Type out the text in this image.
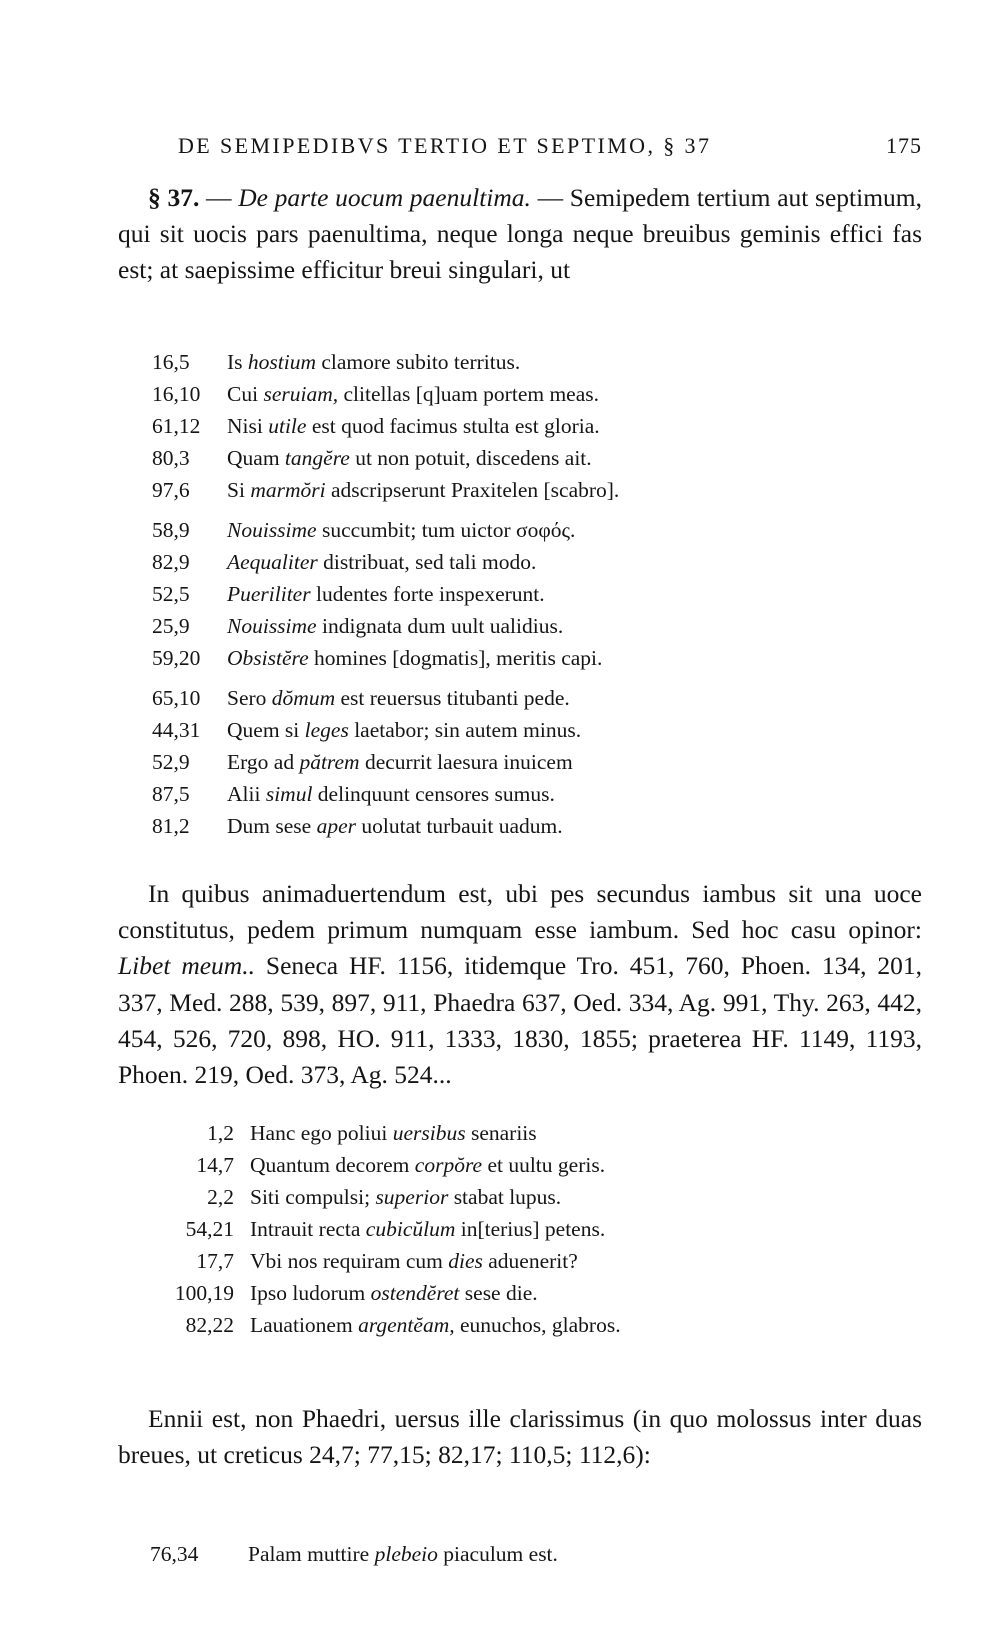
DE SEMIPEDIBVS TERTIO ET SEPTIMO, § 37	175
§ 37. — De parte uocum paenultima. — Semipedem tertium aut septimum, qui sit uocis pars paenultima, neque longa neque breuibus geminis effici fas est; at saepissime efficitur breui singulari, ut
16,5	Is hostium clamore subito territus.
16,10	Cui seruiam, clitellas [q]uam portem meas.
61,12	Nisi utile est quod facimus stulta est gloria.
80,3	Quam tangĕre ut non potuit, discedens ait.
97,6	Si marmŏri adscripserunt Praxitelen [scabro].
58,9	Nouissime succumbit; tum uictor σοφός.
82,9	Aequaliter distribuat, sed tali modo.
52,5	Pueriliter ludentes forte inspexerunt.
25,9	Nouissime indignata dum uult ualidius.
59,20	Obsistĕre homines [dogmatis], meritis capi.
65,10	Sero dŏmum est reuersus titubanti pede.
44,31	Quem si leges laetabor; sin autem minus.
52,9	Ergo ad pătrem decurrit laesura inuicem
87,5	Alii simul delinquunt censores sumus.
81,2	Dum sese aper uolutat turbauit uadum.
In quibus animaduertendum est, ubi pes secundus iambus sit una uoce constitutus, pedem primum numquam esse iambum. Sed hoc casu opinor: Libet meum.. Seneca HF. 1156, itidemque Tro. 451, 760, Phoen. 134, 201, 337, Med. 288, 539, 897, 911, Phaedra 637, Oed. 334, Ag. 991, Thy. 263, 442, 454, 526, 720, 898, HO. 911, 1333, 1830, 1855; praeterea HF. 1149, 1193, Phoen. 219, Oed. 373, Ag. 524...
1,2 Hanc ego poliui uersibus senariis
14,7 Quantum decorem corpŏre et uultu geris.
2,2 Siti compulsi; superior stabat lupus.
54,21 Intrauit recta cubicŭlum in[terius] petens.
17,7 Vbi nos requiram cum dies aduenerit?
100,19 Ipso ludorum ostendĕret sese die.
82,22 Lauationem argentĕam, eunuchos, glabros.
Ennii est, non Phaedri, uersus ille clarissimus (in quo molossus inter duas breues, ut creticus 24,7; 77,15; 82,17; 110,5; 112,6):
76,34	Palam muttire plebeio piaculum est.
